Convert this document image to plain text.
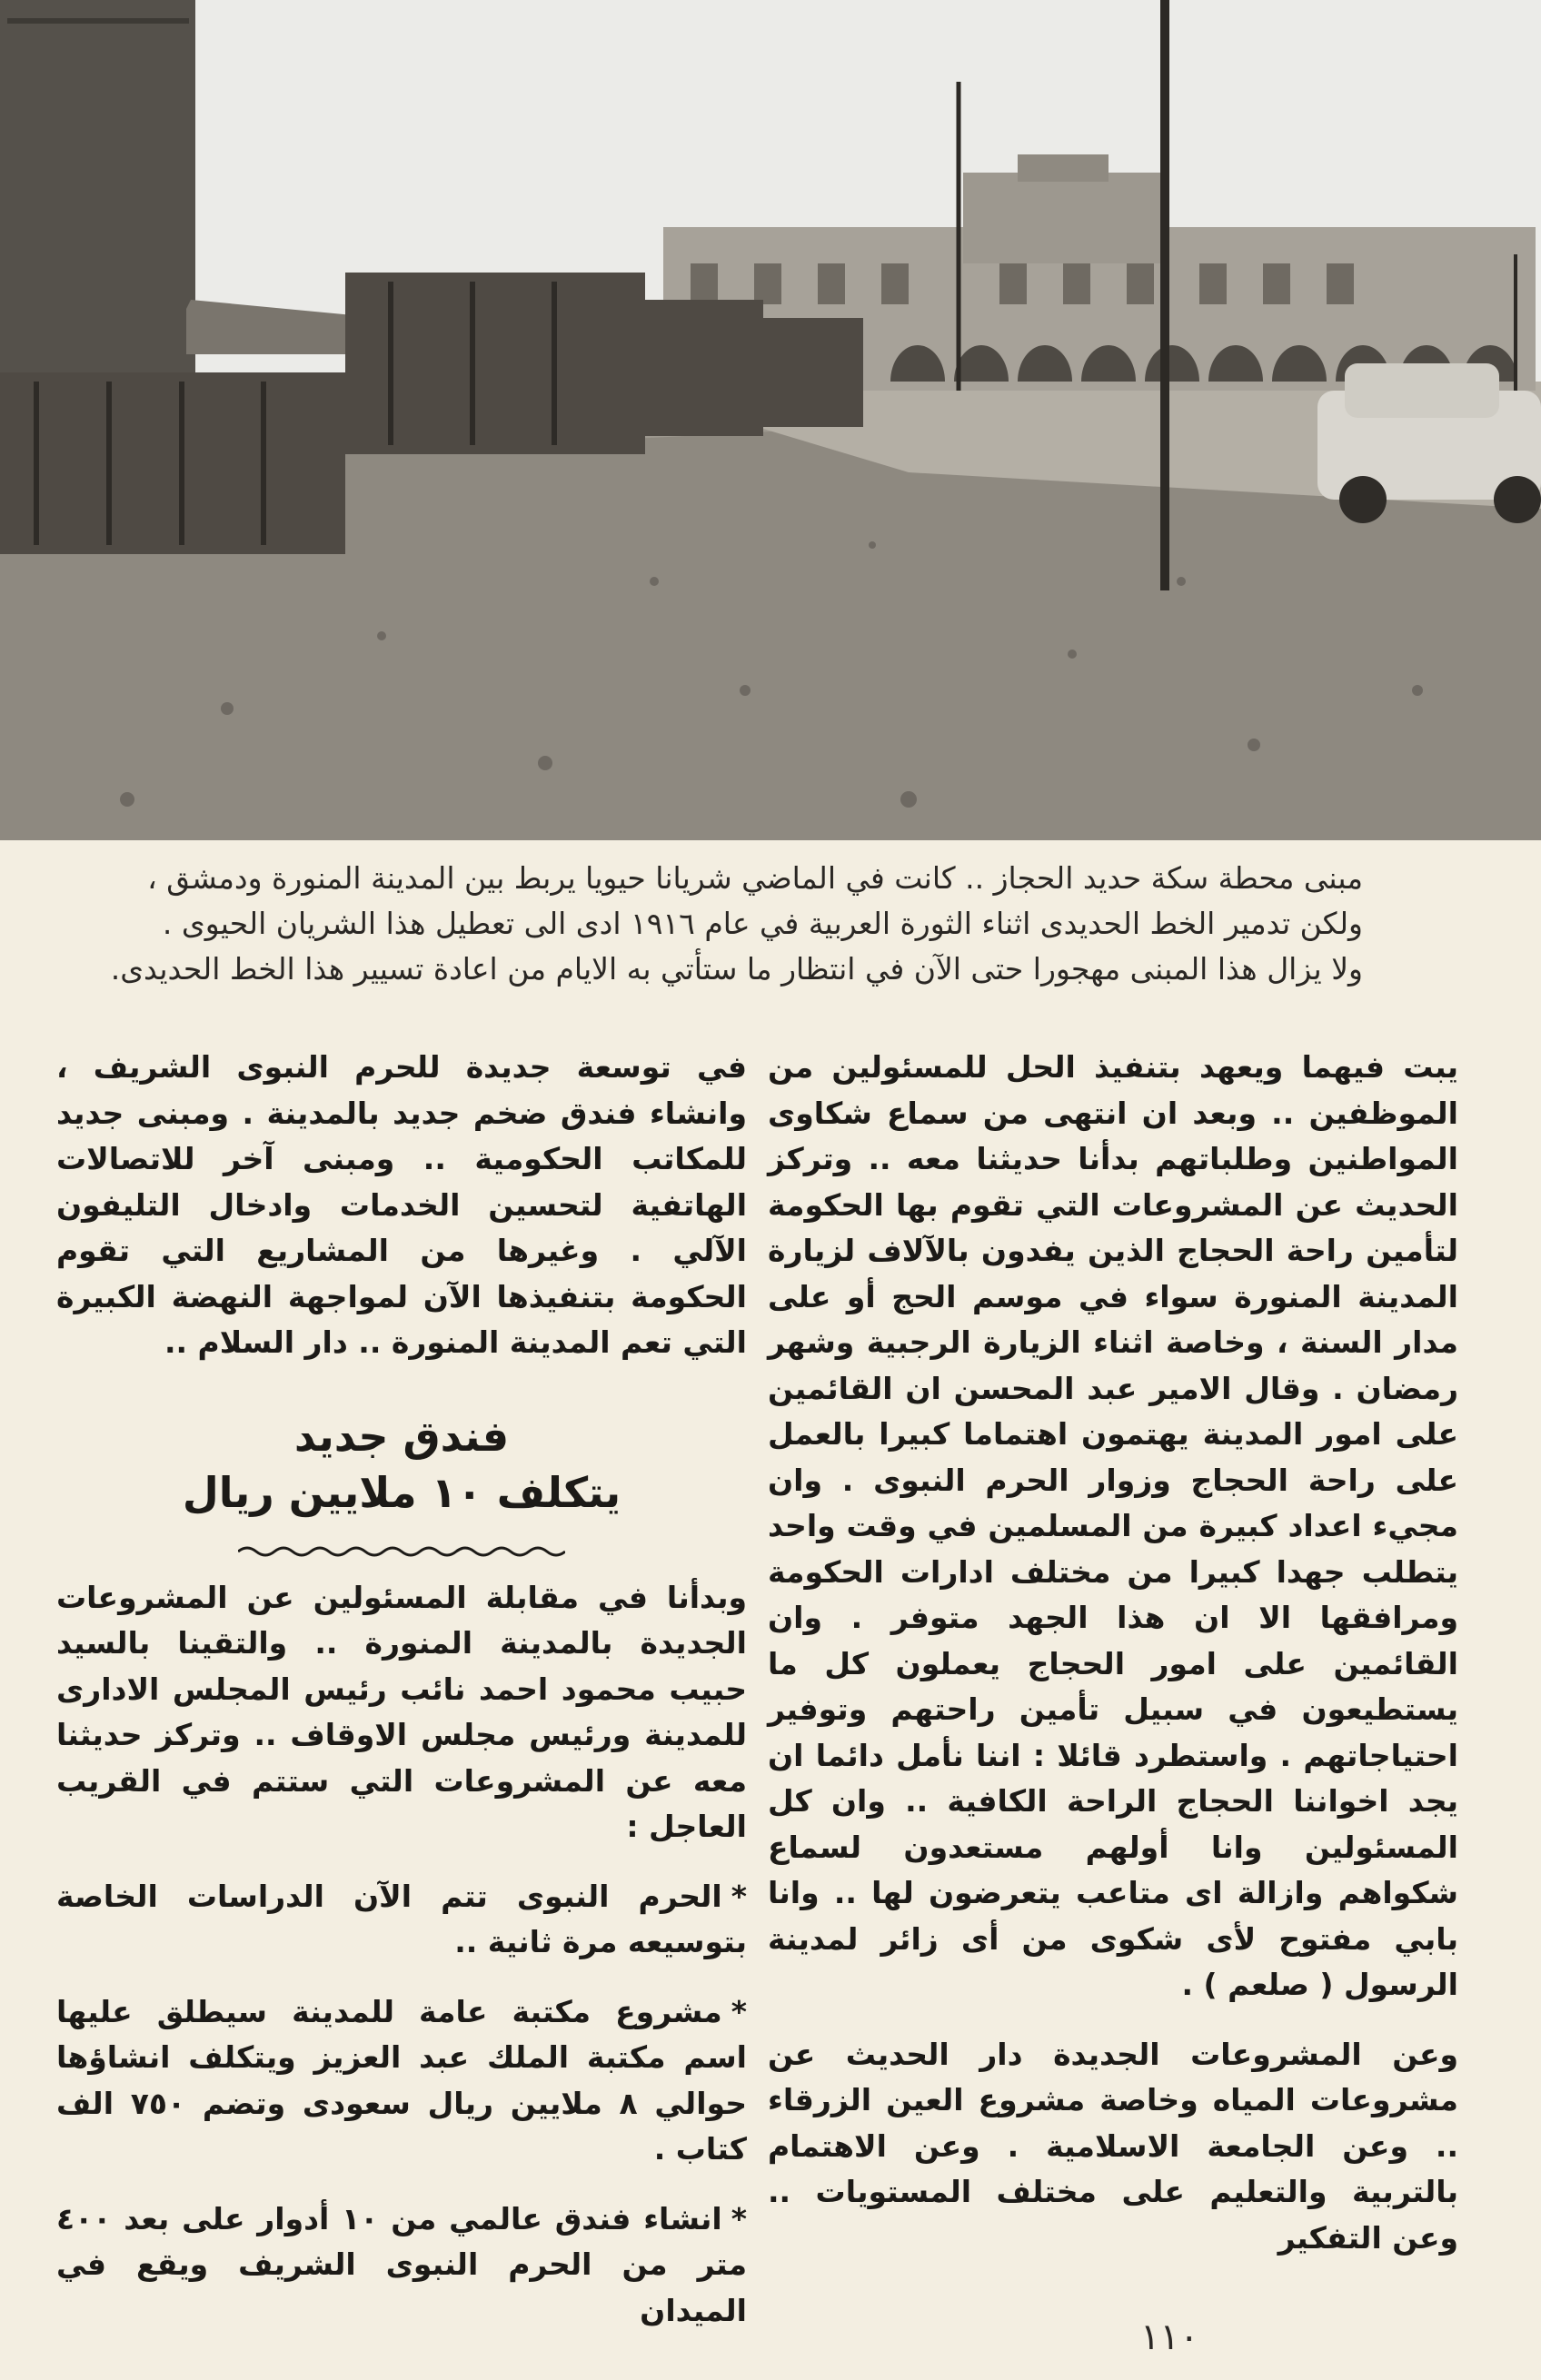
مبنى محطة سكة حديد الحجاز .. كانت في الماضي شريانا حيويا يربط بين المدينة المنورة ودمشق ،

ولكن تدمير الخط الحديدى اثناء الثورة العربية في عام ١٩١٦ ادى الى تعطيل هذا الشريان الحيوى .

ولا يزال هذا المبنى مهجورا حتى الآن في انتظار ما ستأتي به الايام من اعادة تسيير هذا الخط الحديدى.

يبت فيهما ويعهد بتنفيذ الحل للمسئولين من الموظفين .. وبعد ان انتهى من سماع شكاوى المواطنين وطلباتهم بدأنا حديثنا معه .. وتركز الحديث عن المشروعات التي تقوم بها الحكومة لتأمين راحة الحجاج الذين يفدون بالآلاف لزيارة المدينة المنورة سواء في موسم الحج أو على مدار السنة ، وخاصة اثناء الزيارة الرجبية وشهر رمضان . وقال الامير عبد المحسن ان القائمين على امور المدينة يهتمون اهتماما كبيرا بالعمل على راحة الحجاج وزوار الحرم النبوى . وان مجيء اعداد كبيرة من المسلمين في وقت واحد يتطلب جهدا كبيرا من مختلف ادارات الحكومة ومرافقها الا ان هذا الجهد متوفر . وان القائمين على امور الحجاج يعملون كل ما يستطيعون في سبيل تأمين راحتهم وتوفير احتياجاتهم . واستطرد قائلا : اننا نأمل دائما ان يجد اخواننا الحجاج الراحة الكافية .. وان كل المسئولين وانا أولهم مستعدون لسماع شكواهم وازالة اى متاعب يتعرضون لها .. وانا بابي مفتوح لأى شكوى من أى زائر لمدينة الرسول ( صلعم ) .

وعن المشروعات الجديدة دار الحديث عن مشروعات المياه وخاصة مشروع العين الزرقاء .. وعن الجامعة الاسلامية . وعن الاهتمام بالتربية والتعليم على مختلف المستويات .. وعن التفكير

في توسعة جديدة للحرم النبوى الشريف ، وانشاء فندق ضخم جديد بالمدينة . ومبنى جديد للمكاتب الحكومية .. ومبنى آخر للاتصالات الهاتفية لتحسين الخدمات وادخال التليفون الآلي . وغيرها من المشاريع التي تقوم الحكومة بتنفيذها الآن لمواجهة النهضة الكبيرة التي تعم المدينة المنورة .. دار السلام ..

فندق جديد
يتكلف ١٠ ملايين ريال

وبدأنا في مقابلة المسئولين عن المشروعات الجديدة بالمدينة المنورة .. والتقينا بالسيد حبيب محمود احمد نائب رئيس المجلس الادارى للمدينة ورئيس مجلس الاوقاف .. وتركز حديثنا معه عن المشروعات التي ستتم في القريب العاجل :

*الحرم النبوى تتم الآن الدراسات الخاصة بتوسيعه مرة ثانية ..

*مشروع مكتبة عامة للمدينة سيطلق عليها اسم مكتبة الملك عبد العزيز ويتكلف انشاؤها حوالي ٨ ملايين ريال سعودى وتضم ٧٥٠ الف كتاب .

*انشاء فندق عالمي من ١٠ أدوار على بعد ٤٠٠ متر من الحرم النبوى الشريف ويقع في الميدان

١١٠
